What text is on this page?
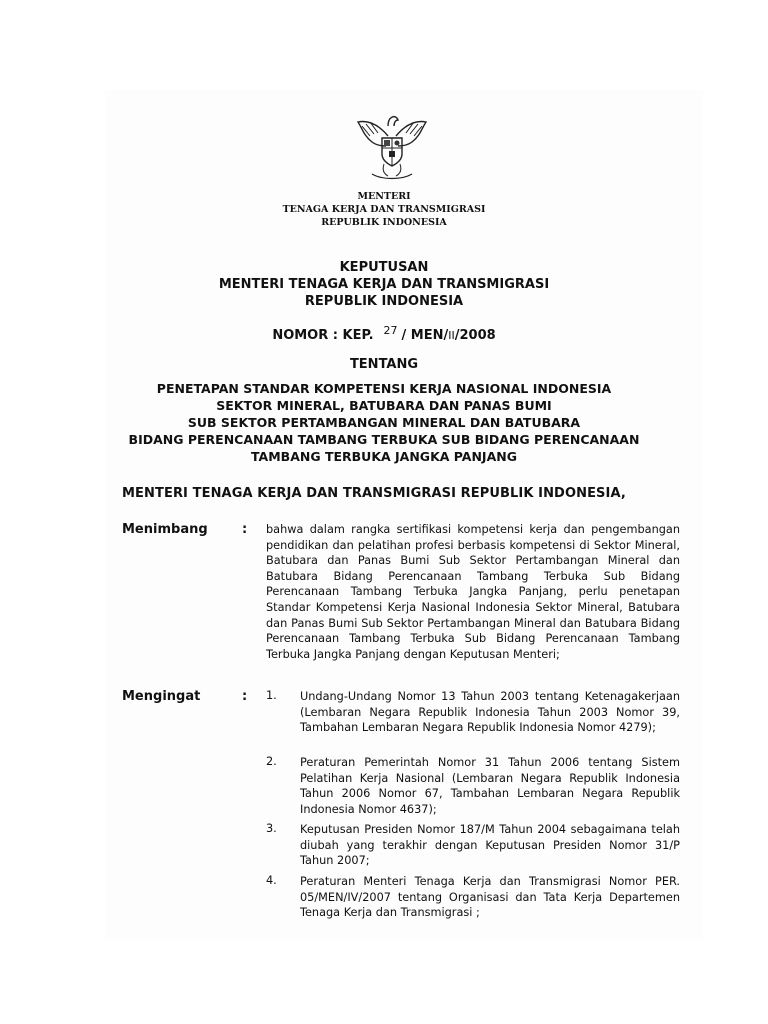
MENTERI
TENAGA KERJA DAN TRANSMIGRASI
REPUBLIK INDONESIA
KEPUTUSAN
MENTERI TENAGA KERJA DAN TRANSMIGRASI
REPUBLIK INDONESIA
NOMOR : KEP. $^{27}$ / MEN/II/2008
TENTANG
PENETAPAN STANDAR KOMPETENSI KERJA NASIONAL INDONESIA
SEKTOR MINERAL, BATUBARA DAN PANAS BUMI
SUB SEKTOR PERTAMBANGAN MINERAL DAN BATUBARA
BIDANG PERENCANAAN TAMBANG TERBUKA SUB BIDANG PERENCANAAN
TAMBANG TERBUKA JANGKA PANJANG
MENTERI TENAGA KERJA DAN TRANSMIGRASI REPUBLIK INDONESIA,
Menimbang	: bahwa dalam rangka sertifikasi kompetensi kerja dan pengembangan pendidikan dan pelatihan profesi berbasis kompetensi di Sektor Mineral, Batubara dan Panas Bumi Sub Sektor Pertambangan Mineral dan Batubara Bidang Perencanaan Tambang Terbuka Sub Bidang Perencanaan Tambang Terbuka Jangka Panjang, perlu penetapan Standar Kompetensi Kerja Nasional Indonesia Sektor Mineral, Batubara dan Panas Bumi Sub Sektor Pertambangan Mineral dan Batubara Bidang Perencanaan Tambang Terbuka Sub Bidang Perencanaan Tambang Terbuka Jangka Panjang dengan Keputusan Menteri;
Mengingat	: 1. Undang-Undang Nomor 13 Tahun 2003 tentang Ketenagakerjaan (Lembaran Negara Republik Indonesia Tahun 2003 Nomor 39, Tambahan Lembaran Negara Republik Indonesia Nomor 4279);
2. Peraturan Pemerintah Nomor 31 Tahun 2006 tentang Sistem Pelatihan Kerja Nasional (Lembaran Negara Republik Indonesia Tahun 2006 Nomor 67, Tambahan Lembaran Negara Republik Indonesia Nomor 4637);
3. Keputusan Presiden Nomor 187/M Tahun 2004 sebagaimana telah diubah yang terakhir dengan Keputusan Presiden Nomor 31/P Tahun 2007;
4. Peraturan Menteri Tenaga Kerja dan Transmigrasi Nomor PER. 05/MEN/IV/2007 tentang Organisasi dan Tata Kerja Departemen Tenaga Kerja dan Transmigrasi ;
